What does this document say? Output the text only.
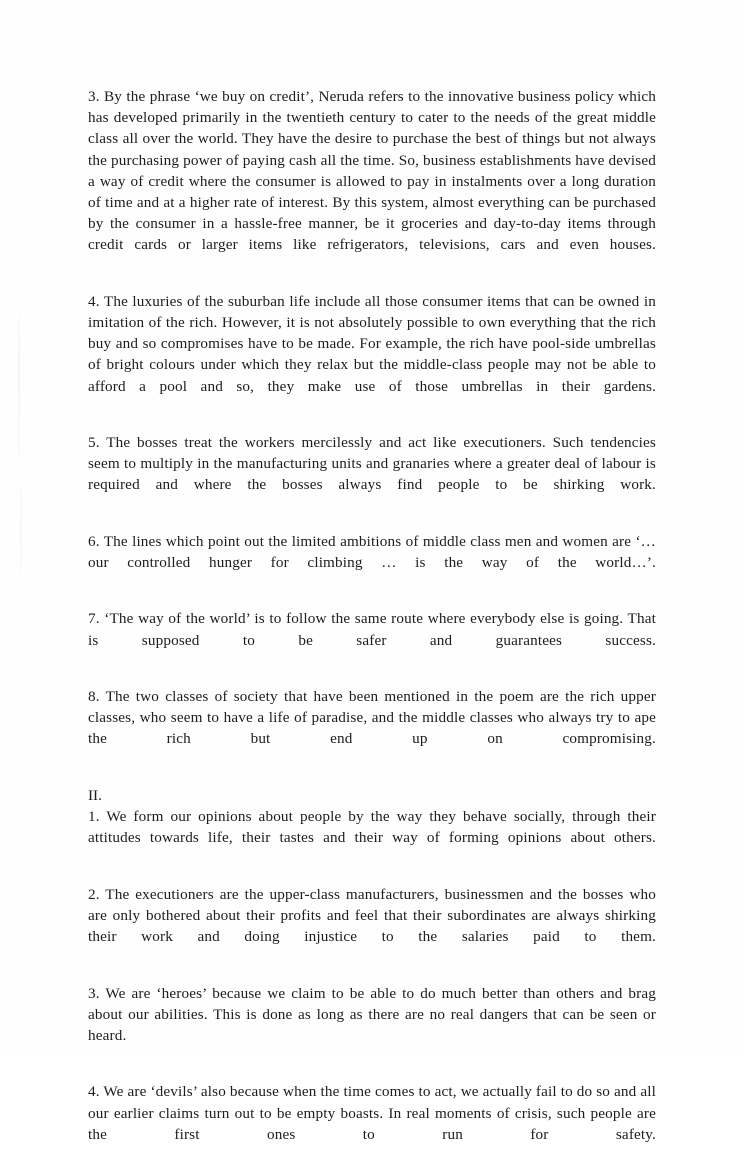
3. By the phrase ‘we buy on credit’, Neruda refers to the innovative business policy which has developed primarily in the twentieth century to cater to the needs of the great middle class all over the world. They have the desire to purchase the best of things but not always the purchasing power of paying cash all the time. So, business establishments have devised a way of credit where the consumer is allowed to pay in instalments over a long duration of time and at a higher rate of interest. By this system, almost everything can be purchased by the consumer in a hassle-free manner, be it groceries and day-to-day items through credit cards or larger items like refrigerators, televisions, cars and even houses.

4. The luxuries of the suburban life include all those consumer items that can be owned in imitation of the rich. However, it is not absolutely possible to own everything that the rich buy and so compromises have to be made. For example, the rich have pool-side umbrellas of bright colours under which they relax but the middle-class people may not be able to afford a pool and so, they make use of those umbrellas in their gardens.

5. The bosses treat the workers mercilessly and act like executioners. Such tendencies seem to multiply in the manufacturing units and granaries where a greater deal of labour is required and where the bosses always find people to be shirking work.

6. The lines which point out the limited ambitions of middle class men and women are ‘…our controlled hunger for climbing … is the way of the world…’.

7. ‘The way of the world’ is to follow the same route where everybody else is going. That is supposed to be safer and guarantees success.

8. The two classes of society that have been mentioned in the poem are the rich upper classes, who seem to have a life of paradise, and the middle classes who always try to ape the rich but end up on compromising.

II.

1. We form our opinions about people by the way they behave socially, through their attitudes towards life, their tastes and their way of forming opinions about others.

2. The executioners are the upper-class manufacturers, businessmen and the bosses who are only bothered about their profits and feel that their subordinates are always shirking their work and doing injustice to the salaries paid to them.

3. We are ‘heroes’ because we claim to be able to do much better than others and brag about our abilities. This is done as long as there are no real dangers that can be seen or heard.

4. We are ‘devils’ also because when the time comes to act, we actually fail to do so and all our earlier claims turn out to be empty boasts. In real moments of crisis, such people are the first ones to run for safety.
